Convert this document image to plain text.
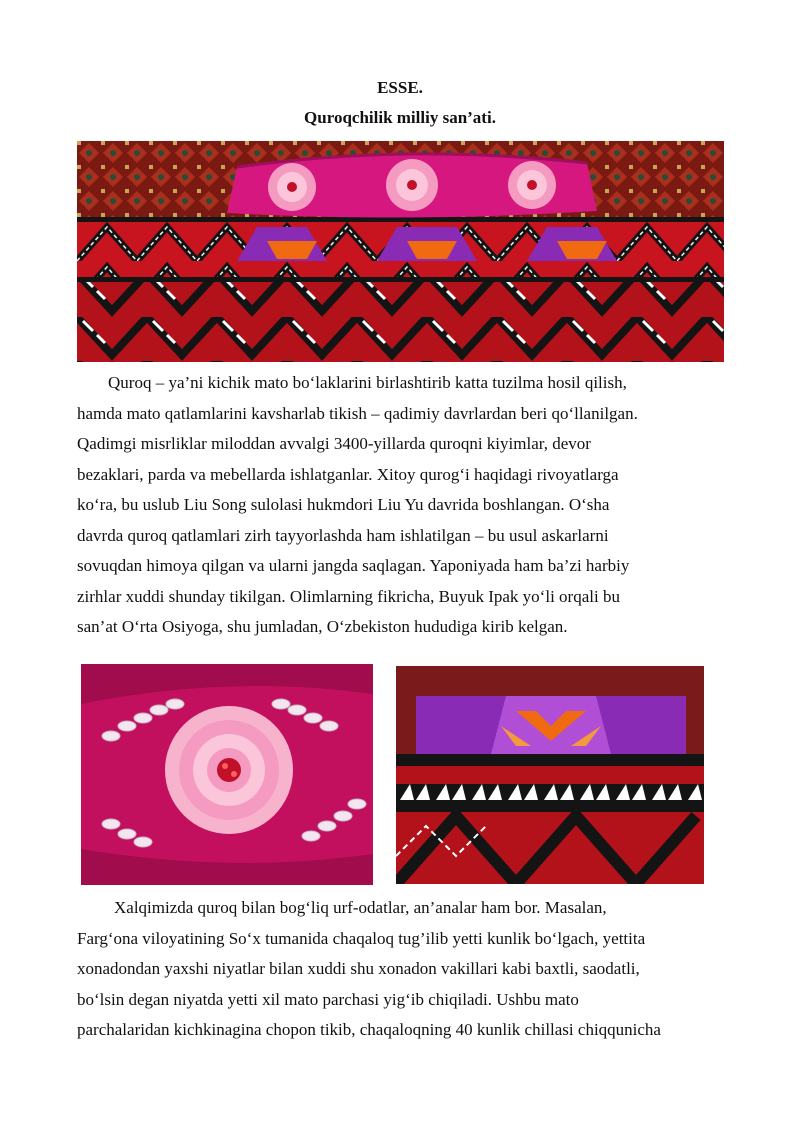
ESSE.
Quroqchilik milliy san’ati.

Quroq – ya’ni kichik mato bo‘laklarini birlashtirib katta tuzilma hosil qilish,
hamda mato qatlamlarini kavsharlab tikish – qadimiy davrlardan beri qo‘llanilgan.
Qadimgi misrliklar miloddan avvalgi 3400-yillarda quroqni kiyimlar, devor
bezaklari, parda va mebellarda ishlatganlar. Xitoy qurog‘i haqidagi rivoyatlarga
ko‘ra, bu uslub Liu Song sulolasi hukmdori Liu Yu davrida boshlangan. O‘sha
davrda quroq qatlamlari zirh tayyorlashda ham ishlatilgan – bu usul askarlarni
sovuqdan himoya qilgan va ularni jangda saqlagan. Yaponiyada ham ba’zi harbiy
zirhlar xuddi shunday tikilgan. Olimlarning fikricha, Buyuk Ipak yo‘li orqali bu
san’at O‘rta Osiyoga, shu jumladan, O‘zbekiston hududiga kirib kelgan.

Xalqimizda quroq bilan bog‘liq urf-odatlar, an’analar ham bor. Masalan,
Farg‘ona viloyatining So‘x tumanida chaqaloq tug’ilib yetti kunlik bo‘lgach, yettita
xonadondan yaxshi niyatlar bilan xuddi shu xonadon vakillari kabi baxtli, saodatli,
bo‘lsin degan niyatda yetti xil mato parchasi yig‘ib chiqiladi. Ushbu mato
parchalaridan kichkinagina chopon tikib, chaqaloqning 40 kunlik chillasi chiqqunicha
